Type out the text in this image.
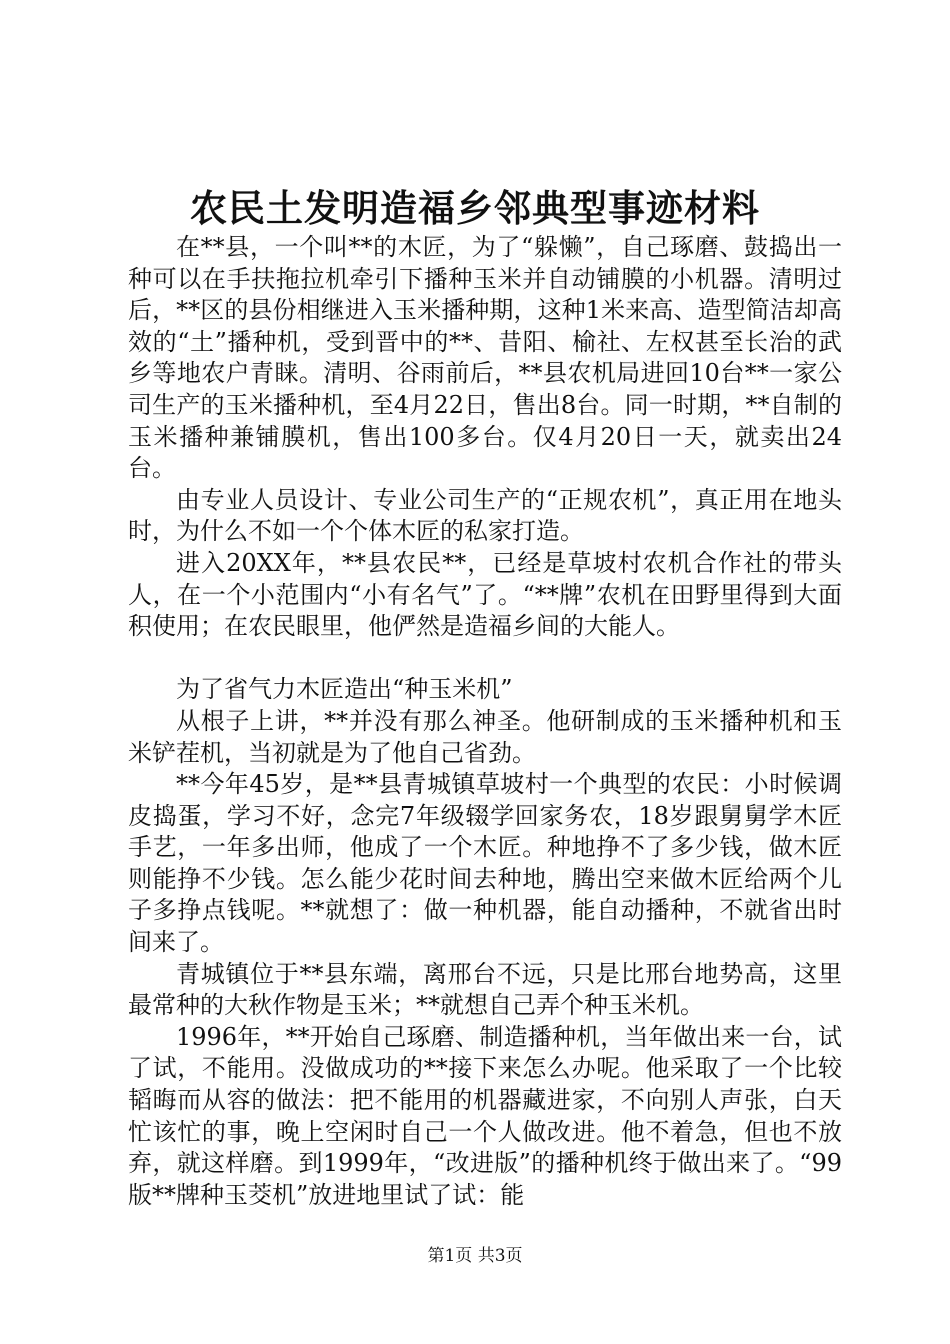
农民土发明造福乡邻典型事迹材料

在**县，一个叫**的木匠，为了“躲懒”，自己琢磨、鼓捣出一种可以在手扶拖拉机牵引下播种玉米并自动铺膜的小机器。清明过后，**区的县份相继进入玉米播种期，这种1米来高、造型简洁却高效的“土”播种机，受到晋中的**、昔阳、榆社、左权甚至长治的武乡等地农户青睐。清明、谷雨前后，**县农机局进回10台**一家公司生产的玉米播种机，至4月22日，售出8台。同一时期，**自制的玉米播种兼铺膜机，售出100多台。仅4月20日一天，就卖出24台。

由专业人员设计、专业公司生产的“正规农机”，真正用在地头时，为什么不如一个个体木匠的私家打造。

进入20XX年，**县农民**，已经是草坡村农机合作社的带头人，在一个小范围内“小有名气”了。“**牌”农机在田野里得到大面积使用；在农民眼里，他俨然是造福乡间的大能人。

为了省气力木匠造出“种玉米机”

从根子上讲，**并没有那么神圣。他研制成的玉米播种机和玉米铲茬机，当初就是为了他自己省劲。

**今年45岁，是**县青城镇草坡村一个典型的农民：小时候调皮捣蛋，学习不好，念完7年级辍学回家务农，18岁跟舅舅学木匠手艺，一年多出师，他成了一个木匠。种地挣不了多少钱，做木匠则能挣不少钱。怎么能少花时间去种地，腾出空来做木匠给两个儿子多挣点钱呢。**就想了：做一种机器，能自动播种，不就省出时间来了。

青城镇位于**县东端，离邢台不远，只是比邢台地势高，这里最常种的大秋作物是玉米；**就想自己弄个种玉米机。

1996年，**开始自己琢磨、制造播种机，当年做出来一台，试了试，不能用。没做成功的**接下来怎么办呢。他采取了一个比较韬晦而从容的做法：把不能用的机器藏进家，不向别人声张，白天忙该忙的事，晚上空闲时自己一个人做改进。他不着急，但也不放弃，就这样磨。到1999年，“改进版”的播种机终于做出来了。“99版**牌种玉茭机”放进地里试了试：能

第1页 共3页
